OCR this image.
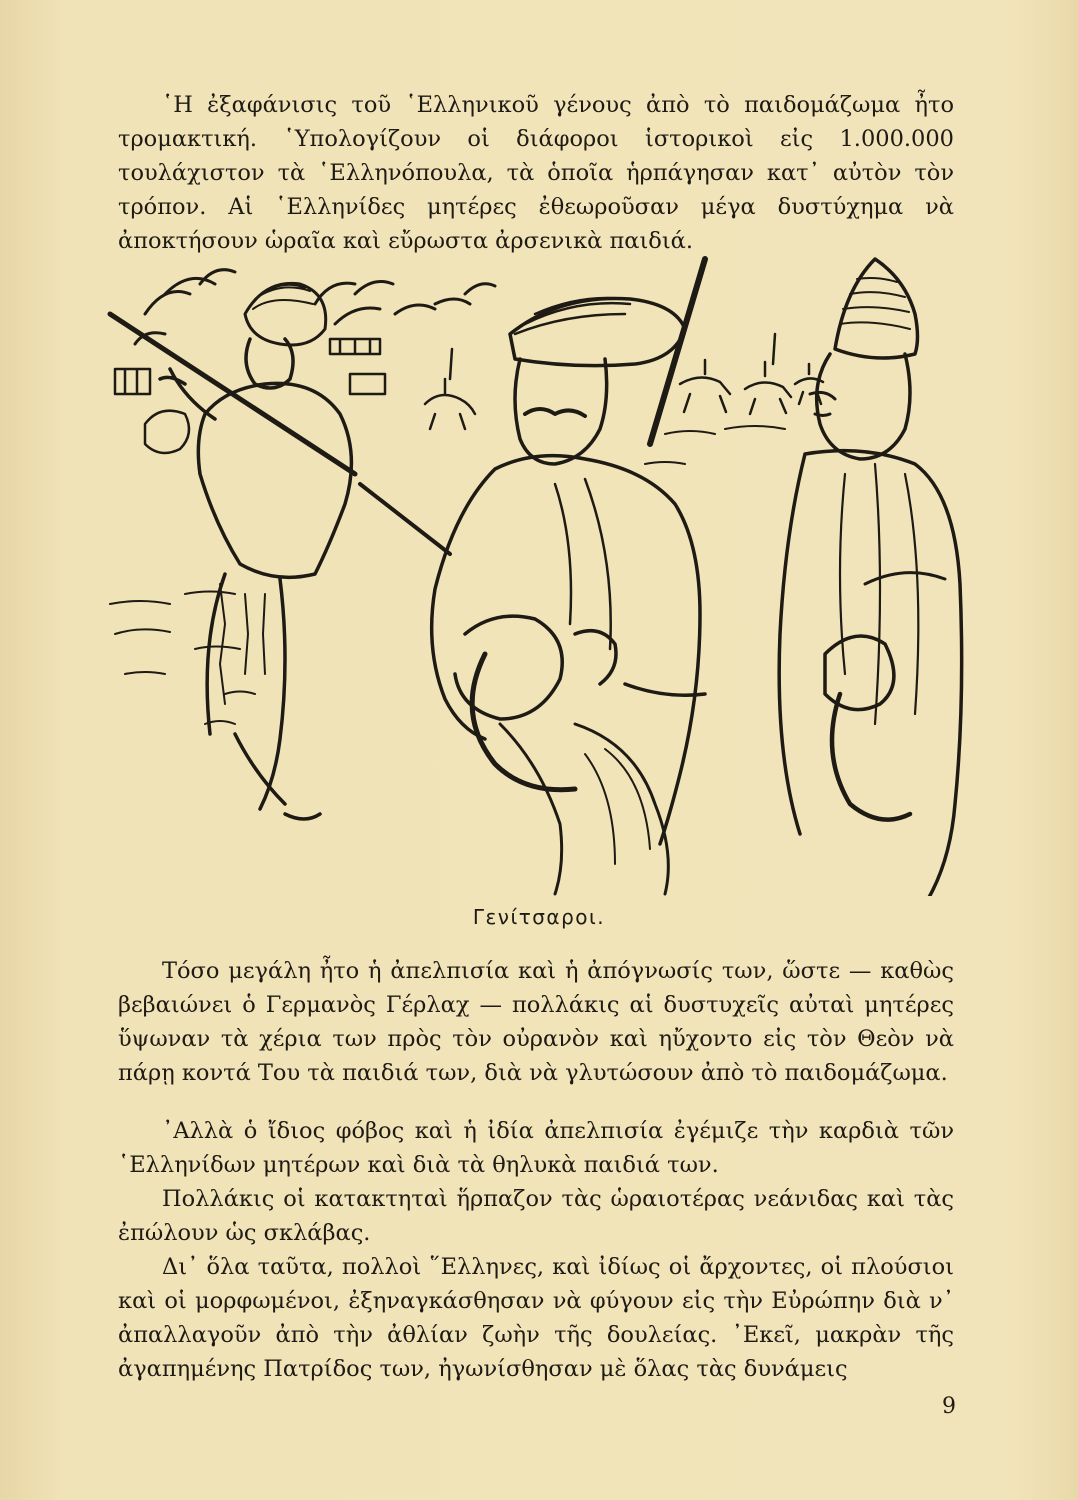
῾Η ἐξαφάνισις τοῦ ῾Ελληνικοῦ γένους ἀπὸ τὸ παιδομάζωμα ἦτο τρομακτική. ῾Υπολογίζουν οἱ διάφοροι ἱστορικοὶ εἰς 1.000.000 τουλάχιστον τὰ ῾Ελληνόπουλα, τὰ ὁποῖα ἡρπάγησαν κατ᾽ αὐτὸν τὸν τρόπον. Αἱ ῾Ελληνίδες μητέρες ἐθεωροῦσαν μέγα δυστύχημα νὰ ἀποκτήσουν ὡραῖα καὶ εὔρωστα ἀρσενικὰ παιδιά.

Γενίτσαροι.

Τόσο μεγάλη ἦτο ἡ ἀπελπισία καὶ ἡ ἀπόγνωσίς των, ὥστε — καθὼς βεβαιώνει ὁ Γερμανὸς Γέρλαχ — πολλάκις αἱ δυστυχεῖς αὐταὶ μητέρες ὕψωναν τὰ χέρια των πρὸς τὸν οὐρανὸν καὶ ηὔχοντο εἰς τὸν Θεὸν νὰ πάρῃ κοντά Του τὰ παιδιά των, διὰ νὰ γλυτώσουν ἀπὸ τὸ παιδομάζωμα.

᾽Αλλὰ ὁ ἴδιος φόβος καὶ ἡ ἰδία ἀπελπισία ἐγέμιζε τὴν καρδιὰ τῶν ῾Ελληνίδων μητέρων καὶ διὰ τὰ θηλυκὰ παιδιά των.

Πολλάκις οἱ κατακτηταὶ ἥρπαζον τὰς ὡραιοτέρας νεάνιδας καὶ τὰς ἐπώλουν ὡς σκλάβας.

Δι᾽ ὅλα ταῦτα, πολλοὶ ῞Ελληνες, καὶ ἰδίως οἱ ἄρχοντες, οἱ πλούσιοι καὶ οἱ μορφωμένοι, ἐξηναγκάσθησαν νὰ φύγουν εἰς τὴν Εὐρώπην διὰ ν᾽ ἀπαλλαγοῦν ἀπὸ τὴν ἀθλίαν ζωὴν τῆς δουλείας. ᾽Εκεῖ, μακρὰν τῆς ἀγαπημένης Πατρίδος των, ἠγωνίσθησαν μὲ ὅλας τὰς δυνάμεις

9
